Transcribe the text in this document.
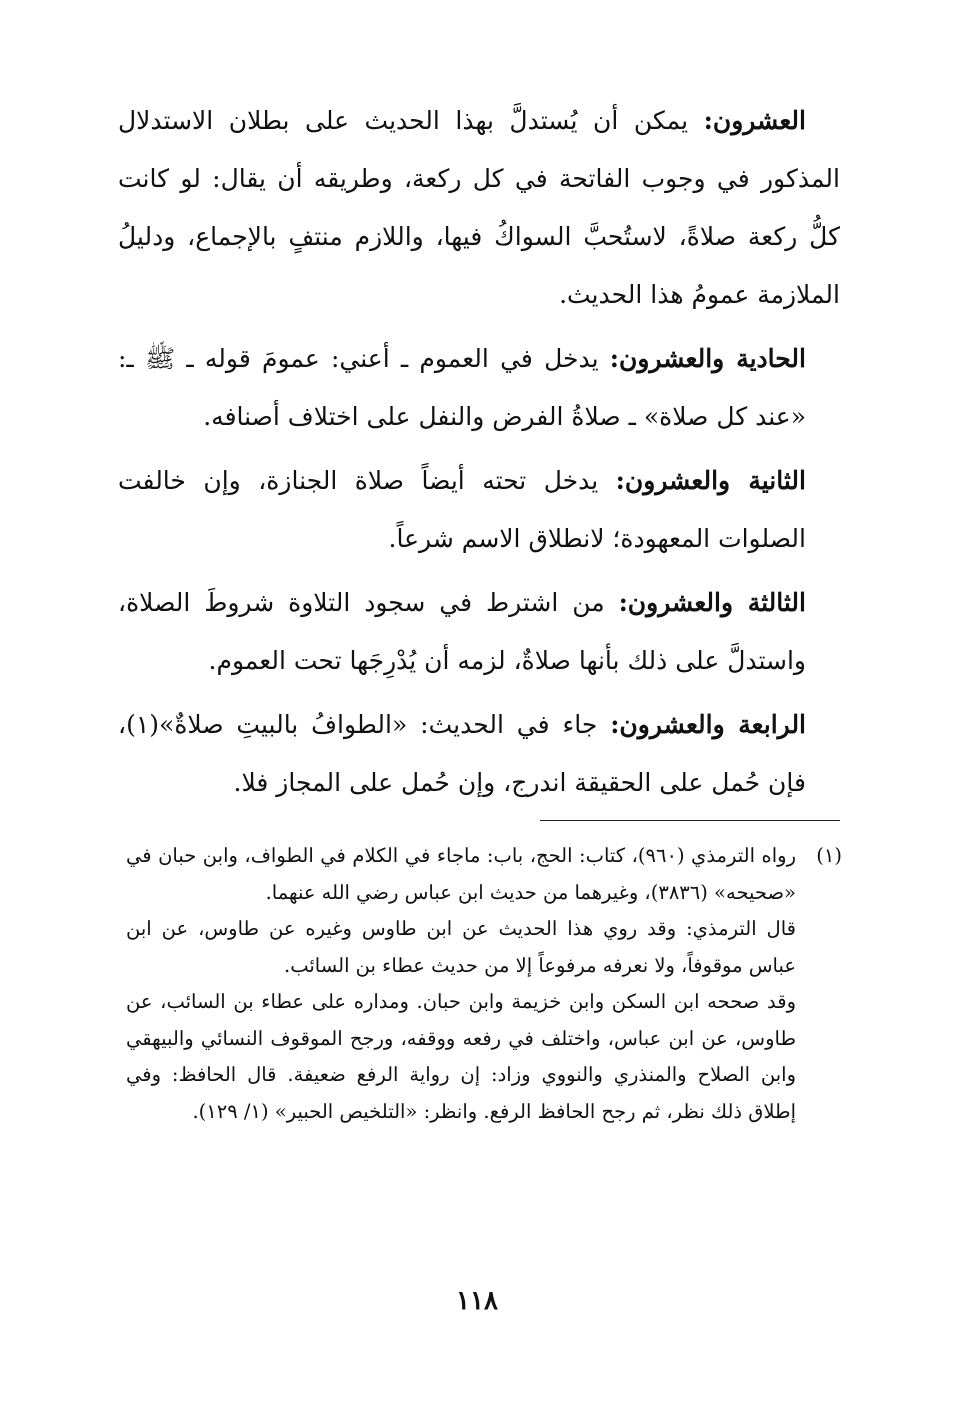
العشرون: يمكن أن يُستدلَّ بهذا الحديث على بطلان الاستدلال المذكور في وجوب الفاتحة في كل ركعة، وطريقه أن يقال: لو كانت كلُّ ركعة صلاةً، لاستُحبَّ السواكُ فيها، واللازم منتفٍ بالإجماع، ودليلُ الملازمة عمومُ هذا الحديث.

الحادية والعشرون: يدخل في العموم ـ أعني: عمومَ قوله ـ ﷺ ـ: «عند كل صلاة» ـ صلاةُ الفرض والنفل على اختلاف أصنافه.

الثانية والعشرون: يدخل تحته أيضاً صلاة الجنازة، وإن خالفت الصلوات المعهودة؛ لانطلاق الاسم شرعاً.

الثالثة والعشرون: من اشترط في سجود التلاوة شروطَ الصلاة، واستدلَّ على ذلك بأنها صلاةٌ، لزمه أن يُدْرِجَها تحت العموم.

الرابعة والعشرون: جاء في الحديث: «الطوافُ بالبيتِ صلاةٌ»(١)، فإن حُمل على الحقيقة اندرج، وإن حُمل على المجاز فلا.

(١)

رواه الترمذي (٩٦٠)، كتاب: الحج، باب: ماجاء في الكلام في الطواف، وابن حبان في «صحيحه» (٣٨٣٦)، وغيرهما من حديث ابن عباس رضي الله عنهما.

قال الترمذي: وقد روي هذا الحديث عن ابن طاوس وغيره عن طاوس، عن ابن عباس موقوفاً، ولا نعرفه مرفوعاً إلا من حديث عطاء بن السائب.

وقد صححه ابن السكن وابن خزيمة وابن حبان. ومداره على عطاء بن السائب، عن طاوس، عن ابن عباس، واختلف في رفعه ووقفه، ورجح الموقوف النسائي والبيهقي وابن الصلاح والمنذري والنووي وزاد: إن رواية الرفع ضعيفة. قال الحافظ: وفي إطلاق ذلك نظر، ثم رجح الحافظ الرفع. وانظر: «التلخيص الحبير» (١/ ١٢٩).

١١٨
